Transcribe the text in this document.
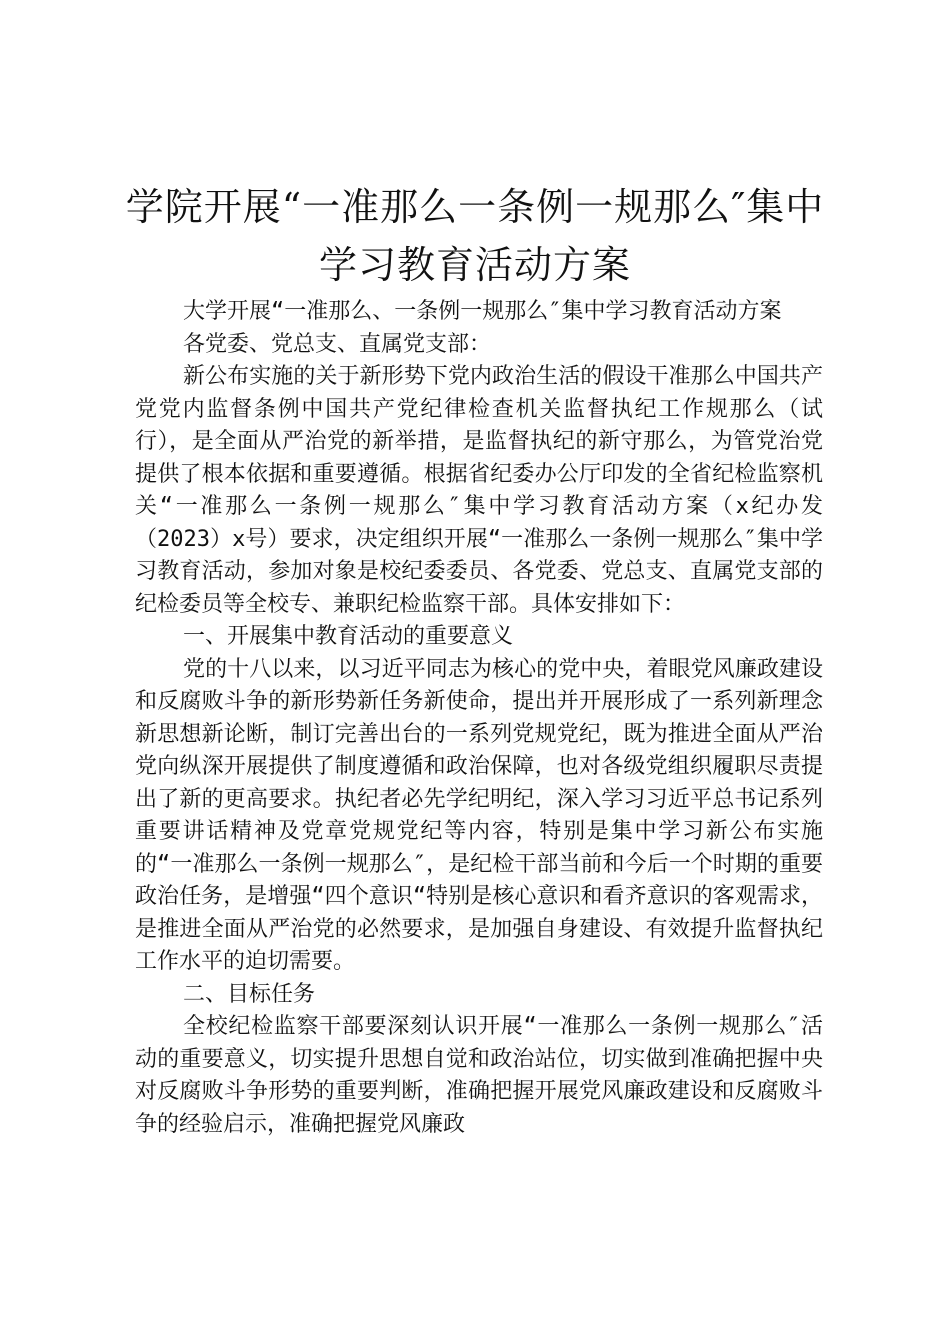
学院开展“一准那么一条例一规那么″集中学习教育活动方案

大学开展“一准那么、一条例一规那么″集中学习教育活动方案

各党委、党总支、直属党支部：

新公布实施的关于新形势下党内政治生活的假设干准那么中国共产党党内监督条例中国共产党纪律检查机关监督执纪工作规那么（试行），是全面从严治党的新举措，是监督执纪的新守那么，为管党治党提供了根本依据和重要遵循。根据省纪委办公厅印发的全省纪检监察机关“一准那么一条例一规那么″集中学习教育活动方案（x纪办发（2023）x号）要求，决定组织开展“一准那么一条例一规那么″集中学习教育活动，参加对象是校纪委委员、各党委、党总支、直属党支部的纪检委员等全校专、兼职纪检监察干部。具体安排如下：

一、开展集中教育活动的重要意义

党的十八以来，以习近平同志为核心的党中央，着眼党风廉政建设和反腐败斗争的新形势新任务新使命，提出并开展形成了一系列新理念新思想新论断，制订完善出台的一系列党规党纪，既为推进全面从严治党向纵深开展提供了制度遵循和政治保障，也对各级党组织履职尽责提出了新的更高要求。执纪者必先学纪明纪，深入学习习近平总书记系列重要讲话精神及党章党规党纪等内容，特别是集中学习新公布实施的“一准那么一条例一规那么″，是纪检干部当前和今后一个时期的重要政治任务，是增强“四个意识“特别是核心意识和看齐意识的客观需求，是推进全面从严治党的必然要求，是加强自身建设、有效提升监督执纪工作水平的迫切需要。

二、目标任务

全校纪检监察干部要深刻认识开展“一准那么一条例一规那么″活动的重要意义，切实提升思想自觉和政治站位，切实做到准确把握中央对反腐败斗争形势的重要判断，准确把握开展党风廉政建设和反腐败斗争的经验启示，准确把握党风廉政
